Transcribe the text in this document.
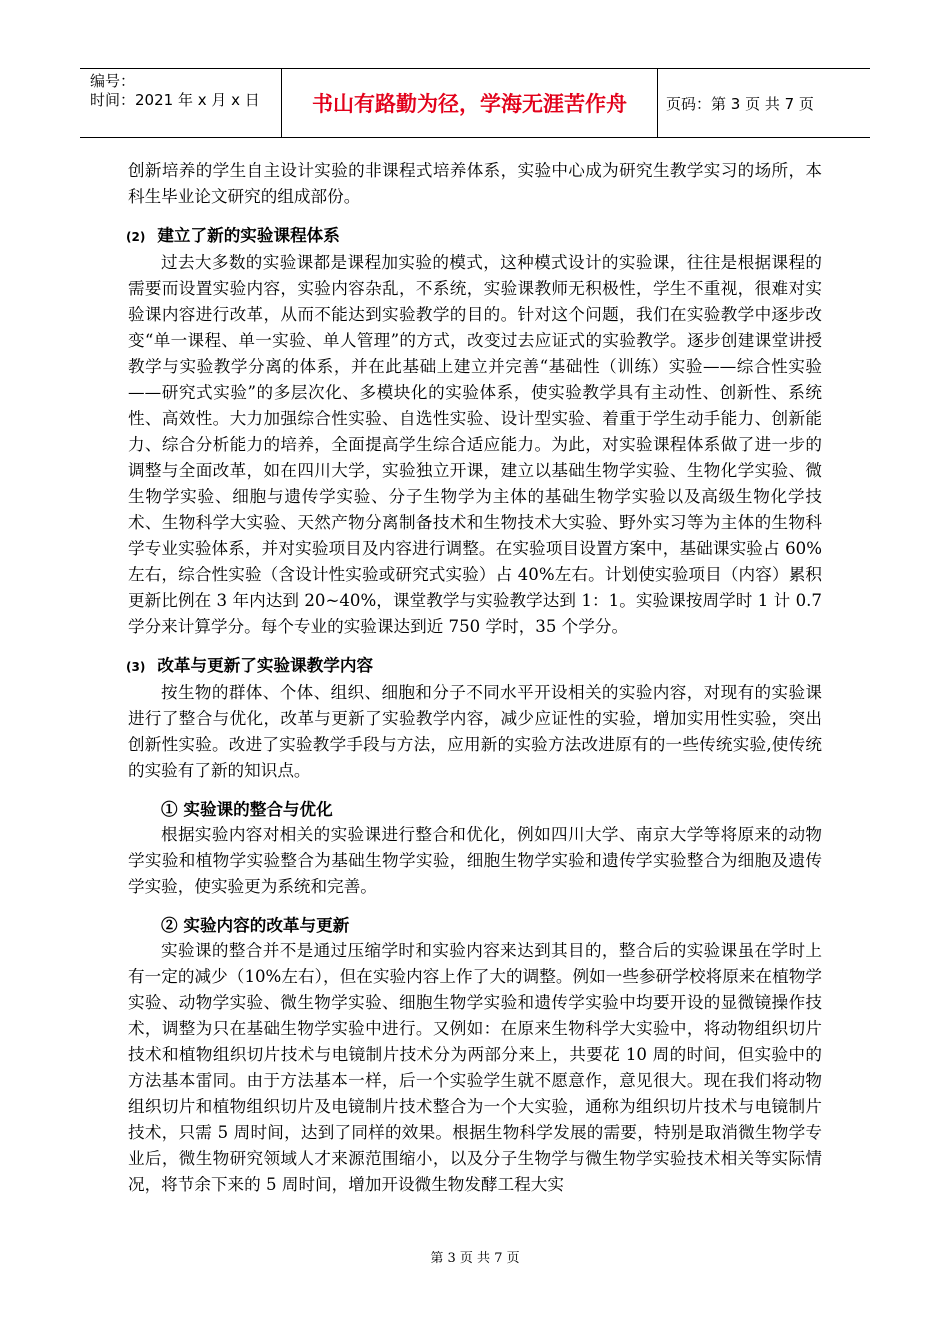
编号：
时间：2021 年 x 月 x 日 书山有路勤为径，学海无涯苦作舟	页码：第 3 页 共 7 页

创新培养的学生自主设计实验的非课程式培养体系，实验中心成为研究生教学实习的场所，本科生毕业论文研究的组成部份。

(2) 建立了新的实验课程体系

过去大多数的实验课都是课程加实验的模式，这种模式设计的实验课，往往是根据课程的需要而设置实验内容，实验内容杂乱，不系统，实验课教师无积极性，学生不重视，很难对实验课内容进行改革，从而不能达到实验教学的目的。针对这个问题，我们在实验教学中逐步改变“单一课程、单一实验、单人管理”的方式，改变过去应证式的实验教学。逐步创建课堂讲授教学与实验教学分离的体系，并在此基础上建立并完善“基础性（训练）实验——综合性实验——研究式实验”的多层次化、多模块化的实验体系，使实验教学具有主动性、创新性、系统性、高效性。大力加强综合性实验、自选性实验、设计型实验、着重于学生动手能力、创新能力、综合分析能力的培养，全面提高学生综合适应能力。为此，对实验课程体系做了进一步的调整与全面改革，如在四川大学，实验独立开课，建立以基础生物学实验、生物化学实验、微生物学实验、细胞与遗传学实验、分子生物学为主体的基础生物学实验以及高级生物化学技术、生物科学大实验、天然产物分离制备技术和生物技术大实验、野外实习等为主体的生物科学专业实验体系，并对实验项目及内容进行调整。在实验项目设置方案中，基础课实验占 60%左右，综合性实验（含设计性实验或研究式实验）占 40%左右。计划使实验项目（内容）累积更新比例在 3 年内达到 20~40%，课堂教学与实验教学达到 1：1。实验课按周学时 1 计 0.7 学分来计算学分。每个专业的实验课达到近 750 学时，35 个学分。

(3) 改革与更新了实验课教学内容

按生物的群体、个体、组织、细胞和分子不同水平开设相关的实验内容，对现有的实验课进行了整合与优化，改革与更新了实验教学内容，减少应证性的实验，增加实用性实验，突出创新性实验。改进了实验教学手段与方法，应用新的实验方法改进原有的一些传统实验,使传统的实验有了新的知识点。

① 实验课的整合与优化

根据实验内容对相关的实验课进行整合和优化，例如四川大学、南京大学等将原来的动物学实验和植物学实验整合为基础生物学实验，细胞生物学实验和遗传学实验整合为细胞及遗传学实验，使实验更为系统和完善。

② 实验内容的改革与更新

实验课的整合并不是通过压缩学时和实验内容来达到其目的，整合后的实验课虽在学时上有一定的减少（10%左右），但在实验内容上作了大的调整。例如一些参研学校将原来在植物学实验、动物学实验、微生物学实验、细胞生物学实验和遗传学实验中均要开设的显微镜操作技术，调整为只在基础生物学实验中进行。又例如：在原来生物科学大实验中，将动物组织切片技术和植物组织切片技术与电镜制片技术分为两部分来上，共要花 10 周的时间，但实验中的方法基本雷同。由于方法基本一样，后一个实验学生就不愿意作，意见很大。现在我们将动物组织切片和植物组织切片及电镜制片技术整合为一个大实验，通称为组织切片技术与电镜制片技术，只需 5 周时间，达到了同样的效果。根据生物科学发展的需要，特别是取消微生物学专业后，微生物研究领域人才来源范围缩小，以及分子生物学与微生物学实验技术相关等实际情况，将节余下来的 5 周时间，增加开设微生物发酵工程大实

第 3 页 共 7 页
